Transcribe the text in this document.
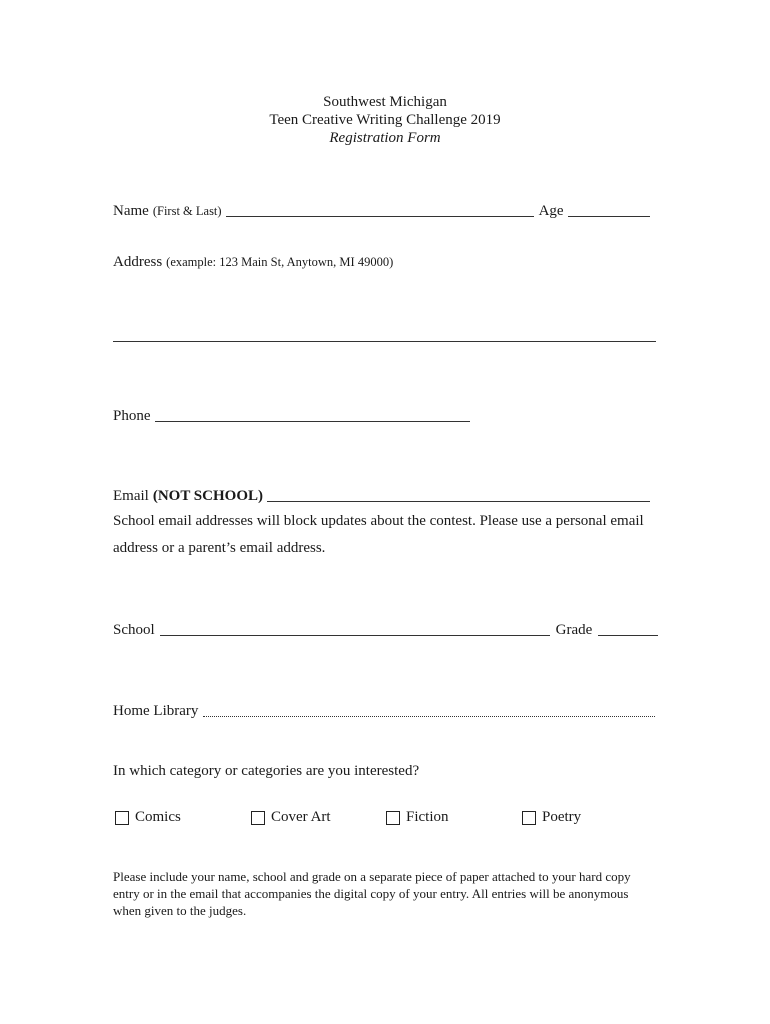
Southwest Michigan
Teen Creative Writing Challenge 2019
Registration Form
Name (First & Last)	Age
Address (example: 123 Main St, Anytown, MI 49000)
Phone
Email (NOT SCHOOL)
School email addresses will block updates about the contest. Please use a personal email address or a parent’s email address.
School	Grade
Home Library
In which category or categories are you interested?
Comics	Cover Art	Fiction	Poetry
Please include your name, school and grade on a separate piece of paper attached to your hard copy entry or in the email that accompanies the digital copy of your entry. All entries will be anonymous when given to the judges.
